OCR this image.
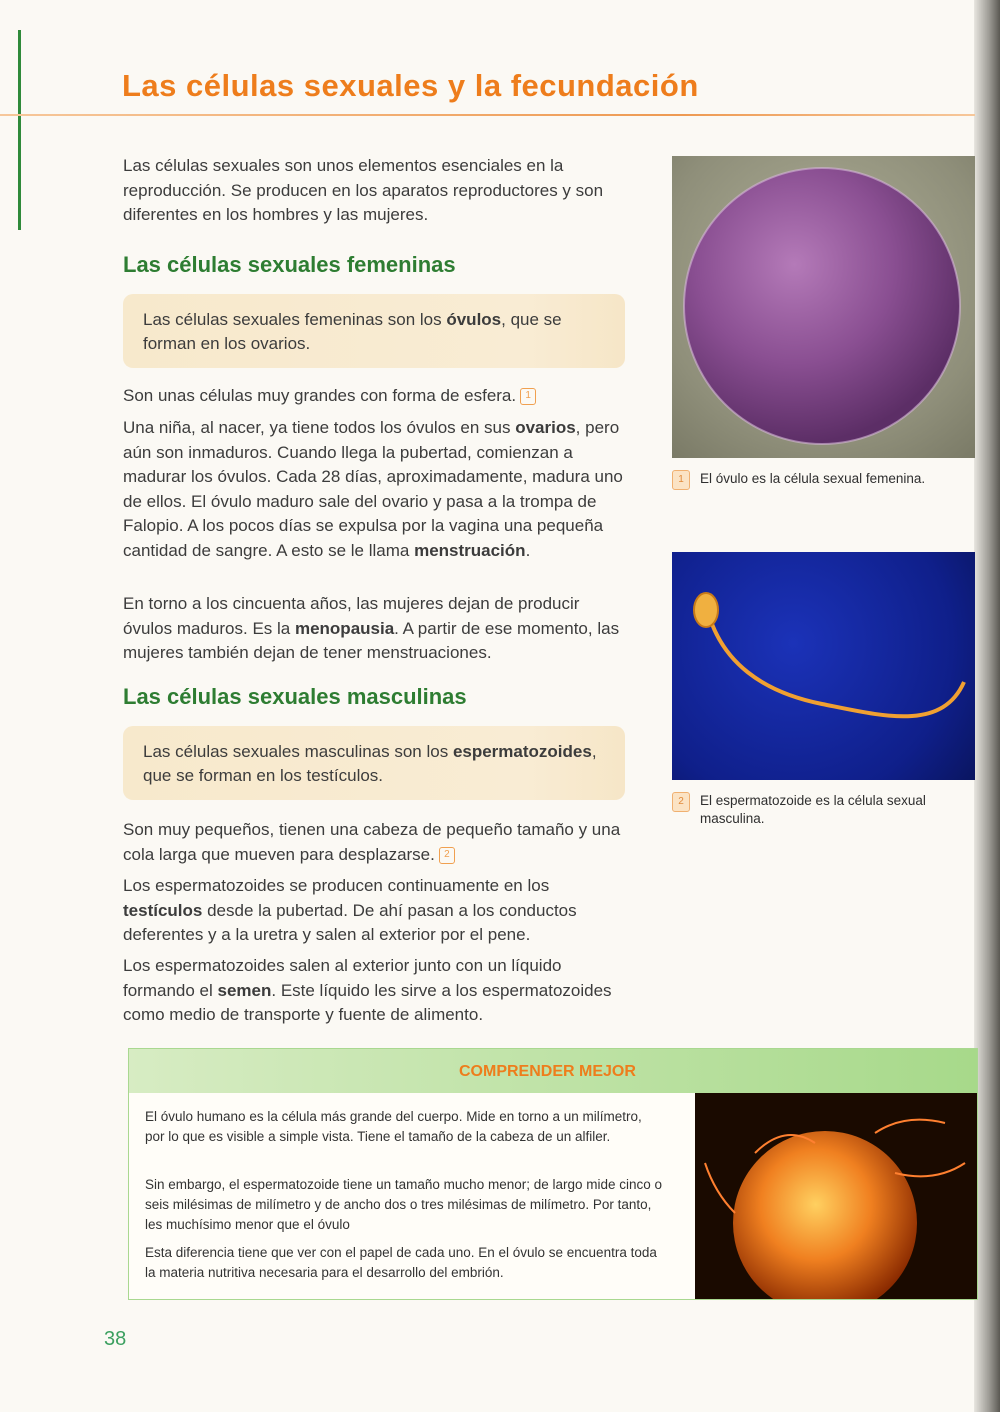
Las células sexuales y la fecundación

Las células sexuales son unos elementos esenciales en la reproducción. Se producen en los aparatos reproductores y son diferentes en los hombres y las mujeres.

Las células sexuales femeninas

Las células sexuales femeninas son los óvulos, que se forman en los ovarios.

Son unas células muy grandes con forma de esfera. 1

Una niña, al nacer, ya tiene todos los óvulos en sus ovarios, pero aún son inmaduros. Cuando llega la pubertad, comienzan a madurar los óvulos. Cada 28 días, aproximadamente, madura uno de ellos. El óvulo maduro sale del ovario y pasa a la trompa de Falopio. A los pocos días se expulsa por la vagina una pequeña cantidad de sangre. A esto se le llama menstruación.

En torno a los cincuenta años, las mujeres dejan de producir óvulos maduros. Es la menopausia. A partir de ese momento, las mujeres también dejan de tener menstruaciones.

Las células sexuales masculinas

Las células sexuales masculinas son los espermatozoides, que se forman en los testículos.

Son muy pequeños, tienen una cabeza de pequeño tamaño y una cola larga que mueven para desplazarse. 2

Los espermatozoides se producen continuamente en los testículos desde la pubertad. De ahí pasan a los conductos deferentes y a la uretra y salen al exterior por el pene.

Los espermatozoides salen al exterior junto con un líquido formando el semen. Este líquido les sirve a los espermatozoides como medio de transporte y fuente de alimento.

1 El óvulo es la célula sexual femenina.
2 El espermatozoide es la célula sexual masculina.
COMPRENDER MEJOR
El óvulo humano es la célula más grande del cuerpo. Mide en torno a un milímetro, por lo que es visible a simple vista. Tiene el tamaño de la cabeza de un alfiler.
Sin embargo, el espermatozoide tiene un tamaño mucho menor; de largo mide cinco o seis milésimas de milímetro y de ancho dos o tres milésimas de milímetro. Por tanto, les muchísimo menor que el óvulo
Esta diferencia tiene que ver con el papel de cada uno. En el óvulo se encuentra toda la materia nutritiva necesaria para el desarrollo del embrión.
38
